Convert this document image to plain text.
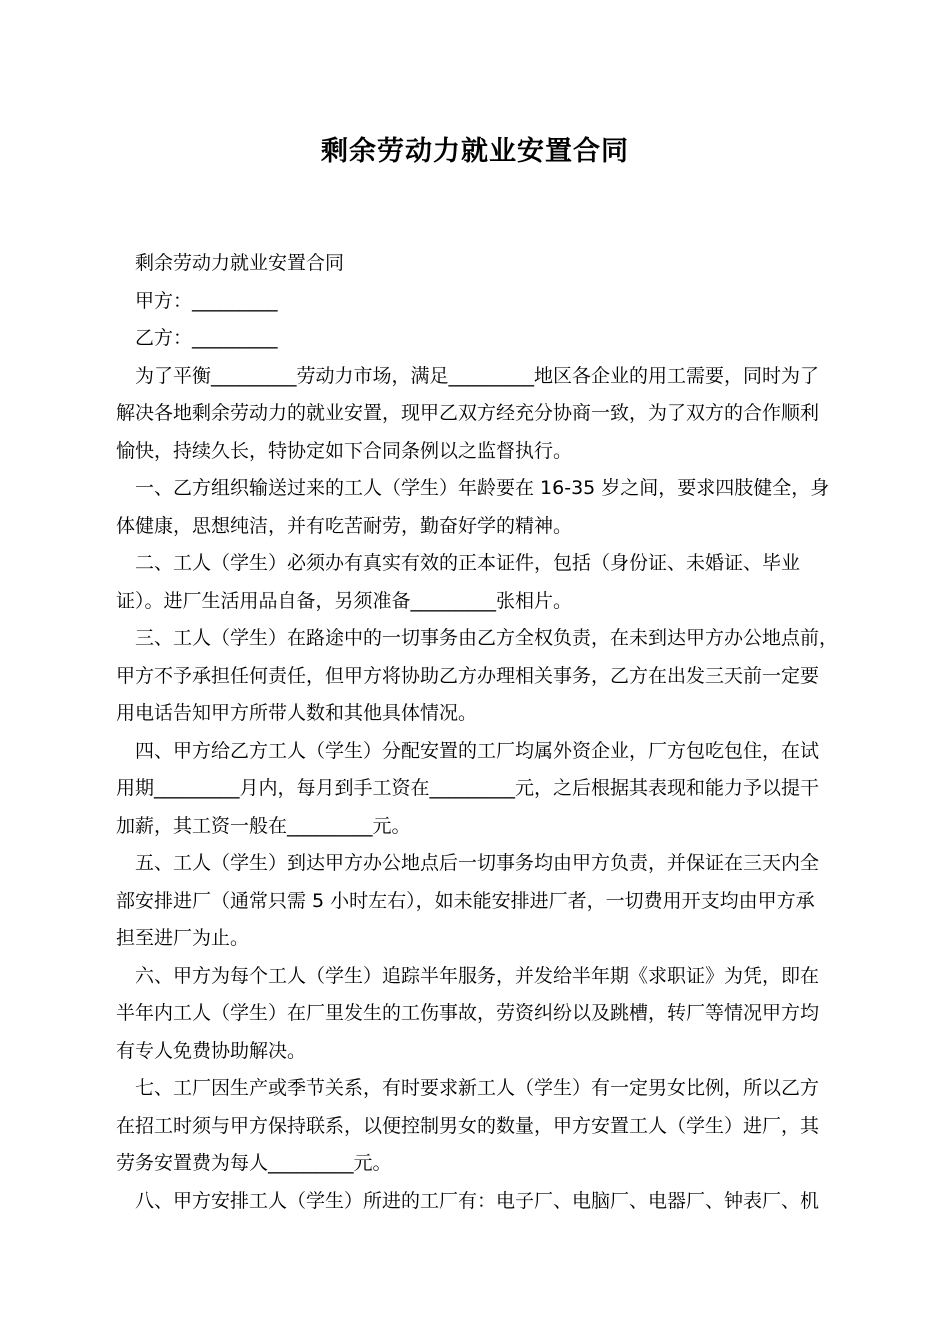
剩余劳动力就业安置合同

剩余劳动力就业安置合同

甲方：_________

乙方：_________

为了平衡_________劳动力市场，满足_________地区各企业的用工需要，同时为了

解决各地剩余劳动力的就业安置，现甲乙双方经充分协商一致，为了双方的合作顺利

愉快，持续久长，特协定如下合同条例以之监督执行。

一、乙方组织输送过来的工人（学生）年龄要在 16-35 岁之间，要求四肢健全，身

体健康，思想纯洁，并有吃苦耐劳，勤奋好学的精神。

二、工人（学生）必须办有真实有效的正本证件，包括（身份证、未婚证、毕业

证）。进厂生活用品自备，另须准备_________张相片。

三、工人（学生）在路途中的一切事务由乙方全权负责，在未到达甲方办公地点前，

甲方不予承担任何责任，但甲方将协助乙方办理相关事务，乙方在出发三天前一定要

用电话告知甲方所带人数和其他具体情况。

四、甲方给乙方工人（学生）分配安置的工厂均属外资企业，厂方包吃包住，在试

用期_________月内，每月到手工资在_________元，之后根据其表现和能力予以提干

加薪，其工资一般在_________元。

五、工人（学生）到达甲方办公地点后一切事务均由甲方负责，并保证在三天内全

部安排进厂（通常只需 5 小时左右），如未能安排进厂者，一切费用开支均由甲方承

担至进厂为止。

六、甲方为每个工人（学生）追踪半年服务，并发给半年期《求职证》为凭，即在

半年内工人（学生）在厂里发生的工伤事故，劳资纠纷以及跳槽，转厂等情况甲方均

有专人免费协助解决。

七、工厂因生产或季节关系，有时要求新工人（学生）有一定男女比例，所以乙方

在招工时须与甲方保持联系，以便控制男女的数量，甲方安置工人（学生）进厂，其

劳务安置费为每人_________元。

八、甲方安排工人（学生）所进的工厂有：电子厂、电脑厂、电器厂、钟表厂、机
